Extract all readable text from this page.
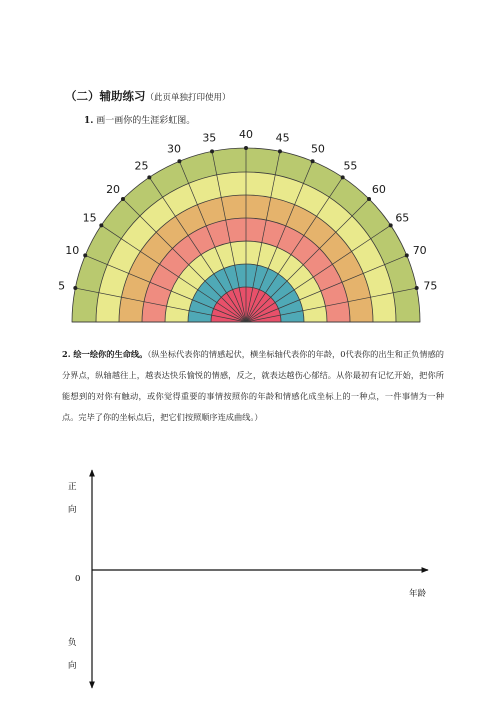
（二）辅助练习（此页单独打印使用）
1. 画一画你的生涯彩虹图。
5
10
15
20
25
30
35 40 45
50
55
60
65
70
75
2. 绘一绘你的生命线。（纵坐标代表你的情感起伏，横坐标轴代表你的年龄，0代表你的出生和正负情感的分界点，纵轴越往上，越表达快乐愉悦的情感，反之，就表达越伤心郁结。从你最初有记忆开始，把你所能想到的对你有触动，或你觉得重要的事情按照你的年龄和情感化成坐标上的一种点，一件事情为一种点。完毕了你的坐标点后，把它们按照顺序连成曲线。）
正
向
0
负
向
年龄
